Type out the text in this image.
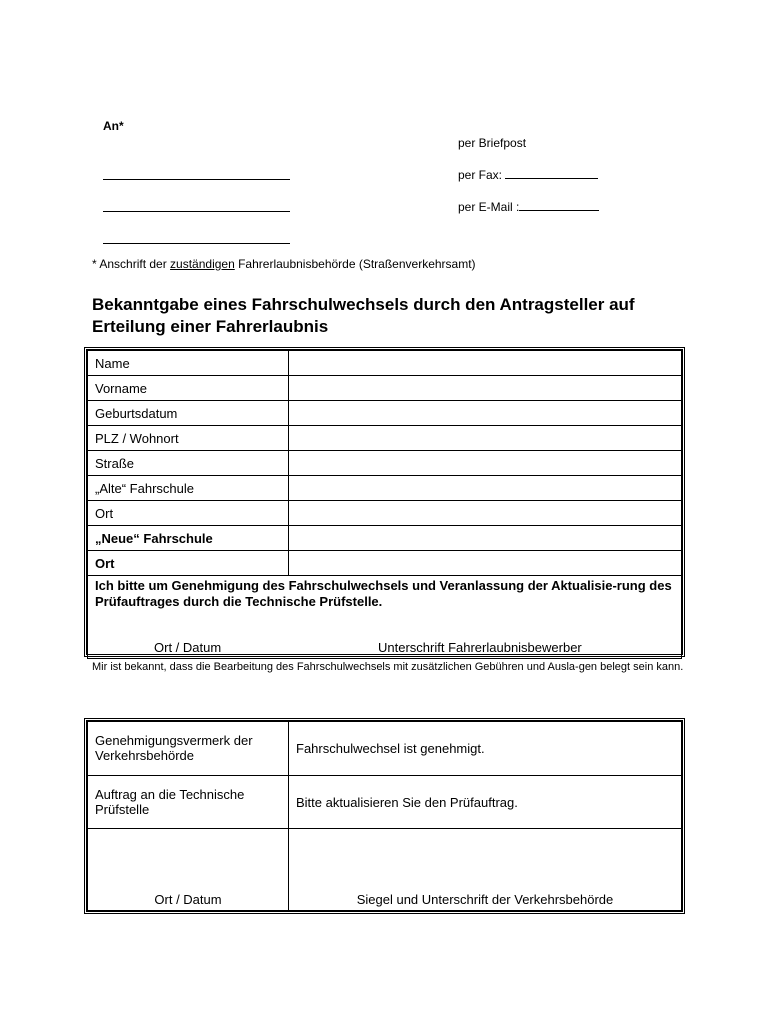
An*
per Briefpost
per Fax:
per E-Mail :
* Anschrift der zuständigen Fahrerlaubnisbehörde (Straßenverkehrsamt)
Bekanntgabe eines Fahrschulwechsels durch den Antragsteller auf Erteilung einer Fahrerlaubnis
Name	
Vorname	
Geburtsdatum	
PLZ / Wohnort	
Straße	
„Alte“ Fahrschule	
Ort	
„Neue“ Fahrschule	
Ort	
Ich bitte um Genehmigung des Fahrschulwechsels und Veranlassung der Aktualisie-rung des Prüfauftrages durch die Technische Prüfstelle.
Ort / Datum Unterschrift Fahrerlaubnisbewerber	
Mir ist bekannt, dass die Bearbeitung des Fahrschulwechsels mit zusätzlichen Gebühren und Ausla-gen belegt sein kann.
Genehmigungsvermerk der Verkehrsbehörde	Fahrschulwechsel ist genehmigt.
Auftrag an die Technische Prüfstelle	Bitte aktualisieren Sie den Prüfauftrag.

Ort / Datum	Siegel und Unterschrift der Verkehrsbehörde
